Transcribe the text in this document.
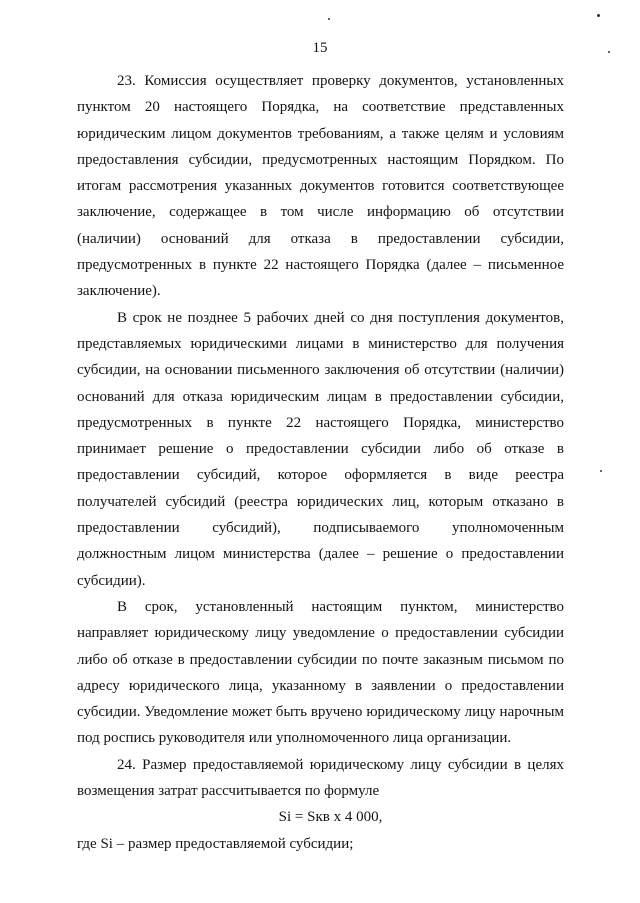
15

23. Комиссия осуществляет проверку документов, установленных
пунктом 20 настоящего Порядка, на соответствие представленных
юридическим лицом документов требованиям, а также целям и условиям
предоставления субсидии, предусмотренных настоящим Порядком. По
итогам рассмотрения указанных документов готовится соответствующее
заключение, содержащее в том числе информацию об отсутствии
(наличии) оснований для отказа в предоставлении субсидии,
предусмотренных в пункте 22 настоящего Порядка (далее – письменное
заключение).

В срок не позднее 5 рабочих дней со дня поступления документов,
представляемых юридическими лицами в министерство для получения
субсидии, на основании письменного заключения об отсутствии (наличии)
оснований для отказа юридическим лицам в предоставлении субсидии,
предусмотренных в пункте 22 настоящего Порядка, министерство
принимает решение о предоставлении субсидии либо об отказе в
предоставлении субсидий, которое оформляется в виде реестра
получателей субсидий (реестра юридических лиц, которым отказано в
предоставлении субсидий), подписываемого уполномоченным
должностным лицом министерства (далее – решение о предоставлении
субсидии).

В срок, установленный настоящим пунктом, министерство
направляет юридическому лицу уведомление о предоставлении субсидии
либо об отказе в предоставлении субсидии по почте заказным письмом по
адресу юридического лица, указанному в заявлении о предоставлении
субсидии. Уведомление может быть вручено юридическому лицу нарочным
под роспись руководителя или уполномоченного лица организации.

24. Размер предоставляемой юридическому лицу субсидии в целях
возмещения затрат рассчитывается по формуле

Si = Sкв x 4 000,
где Si – размер предоставляемой субсидии;
